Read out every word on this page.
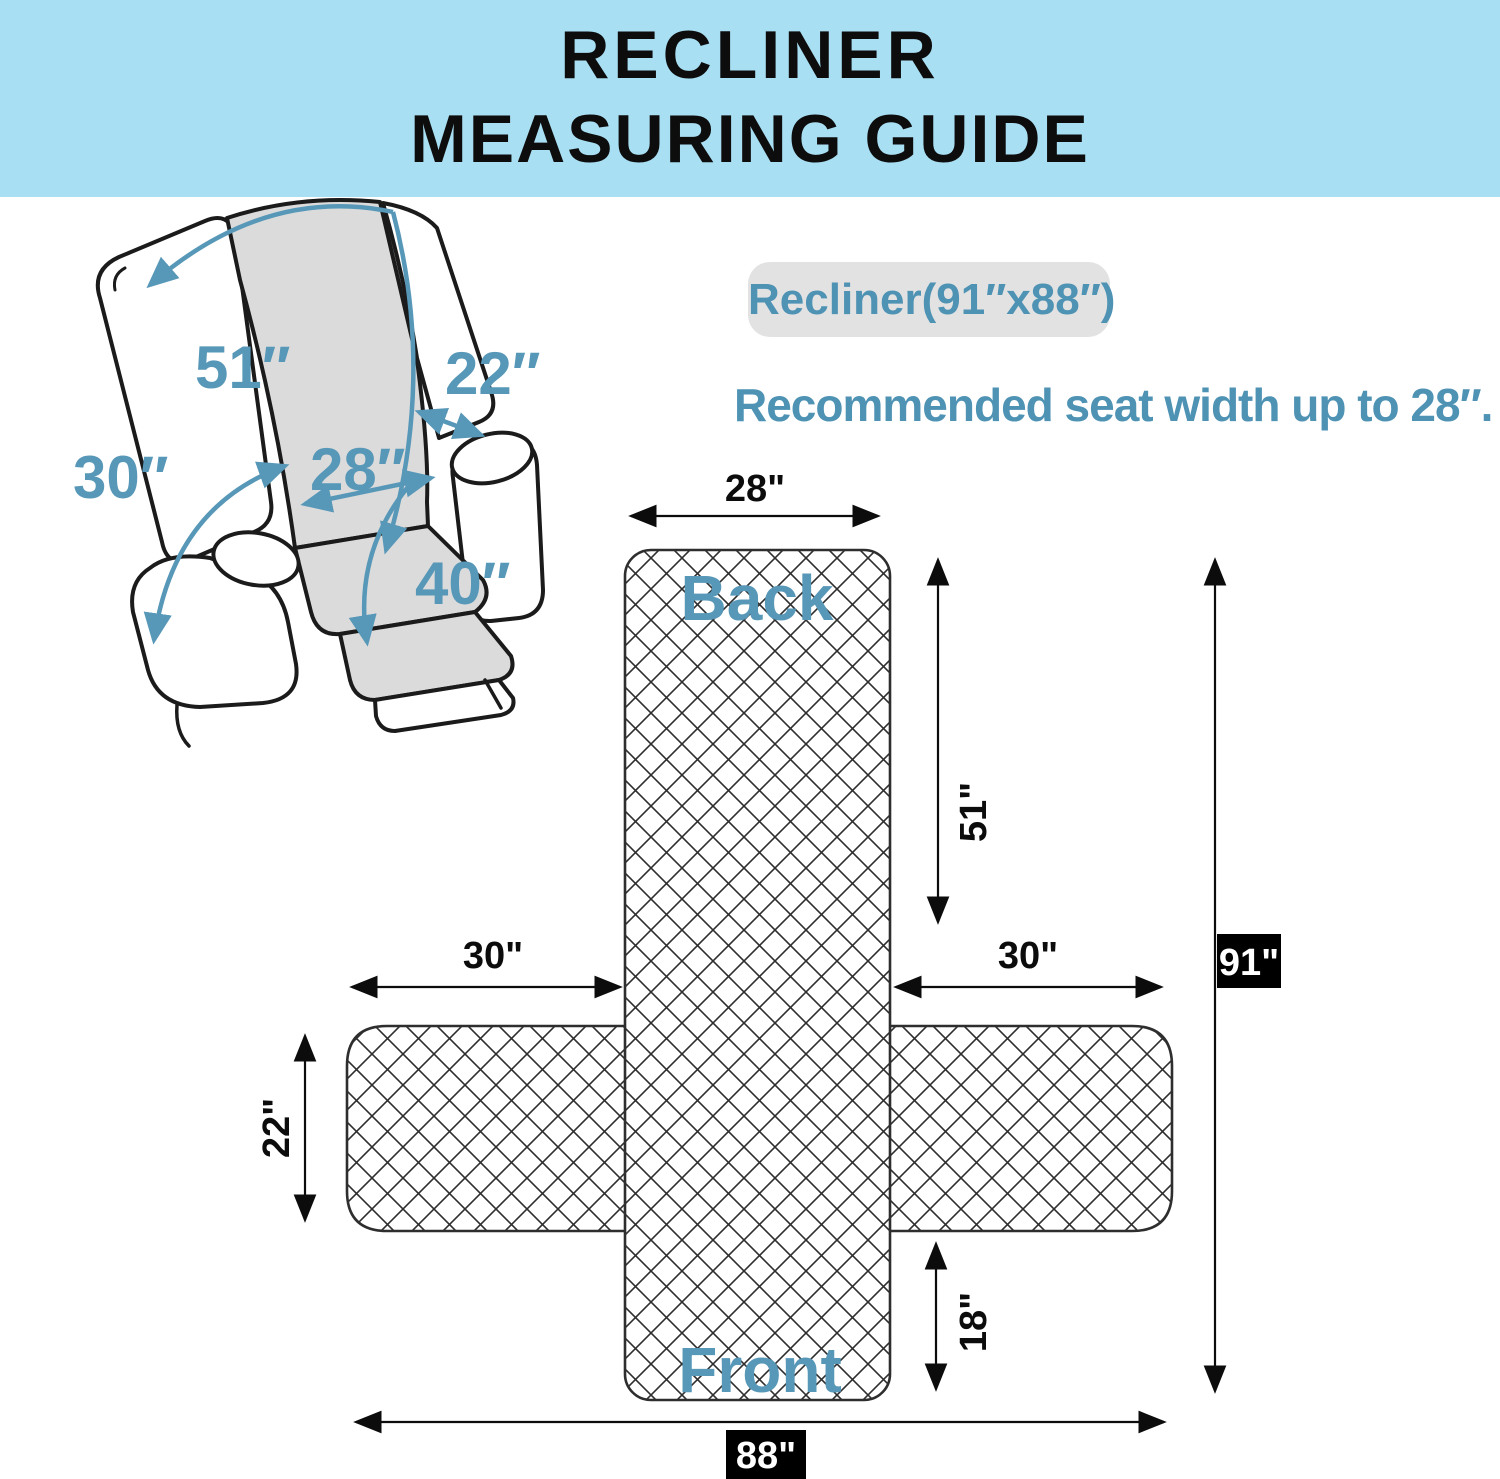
RECLINER
MEASURING GUIDE
51″	22″
30″ 28″
40″
Recliner(91″x88″)
Recommended seat width up to 28″.
Back
Front
28"
51"
30"	30"
22"
18"
91"
88"
